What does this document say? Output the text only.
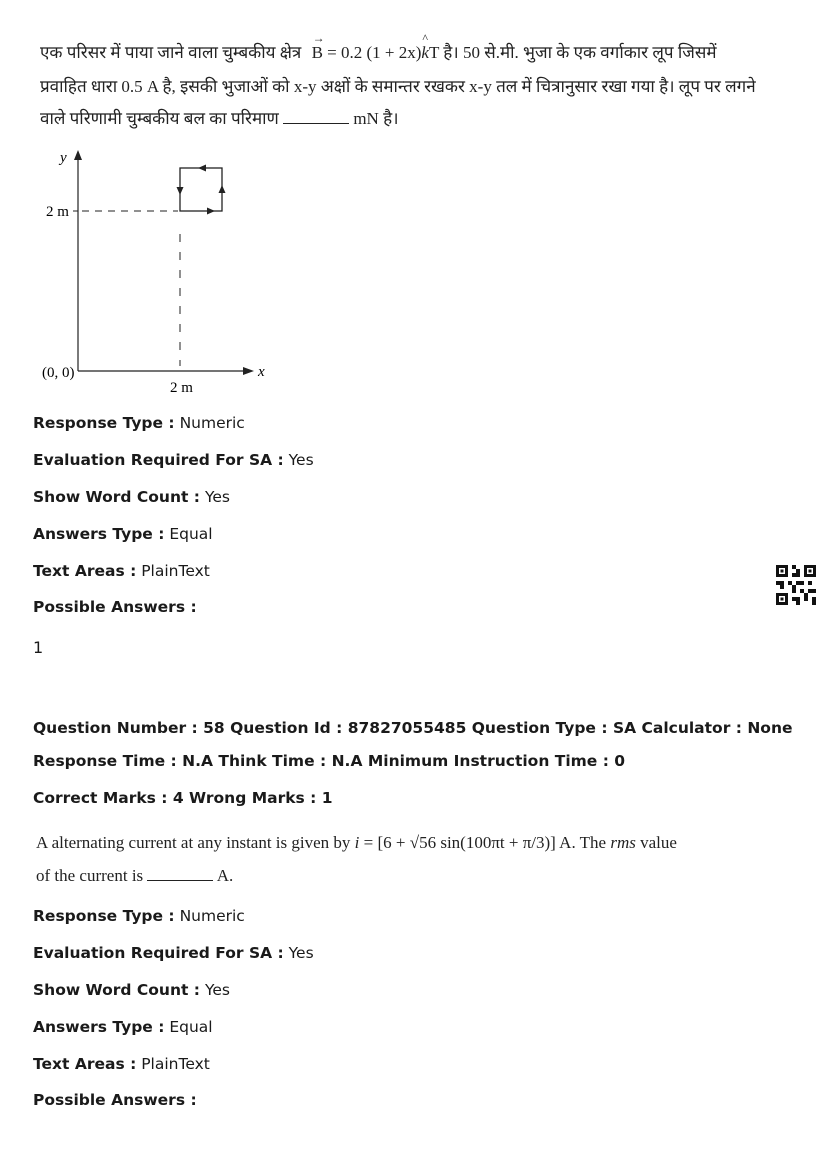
एक परिसर में पाया जाने वाला चुम्बकीय क्षेत्र
→
B = 0.2 (1 + 2x)
^
kT है। 50 से.मी. भुजा के एक वर्गाकार लूप जिसमें
प्रवाहित धारा 0.5 A है, इसकी भुजाओं को x-y अक्षों के समान्तर रखकर x-y तल में चित्रानुसार रखा गया है। लूप पर लगने
वाले परिणामी चुम्बकीय बल का परिमाण	mN है।
y
x
(0, 0)
2 m
2 m
Response Type : Numeric
Evaluation Required For SA : Yes
Show Word Count : Yes
Answers Type : Equal
Text Areas : PlainText
Possible Answers :
1
Question Number : 58 Question Id : 87827055485 Question Type : SA Calculator : None
Response Time : N.A Think Time : N.A Minimum Instruction Time : 0
Correct Marks : 4 Wrong Marks : 1
A alternating current at any instant is given by i = [6 + √56 sin(100πt + π/3)] A. The rms value
of the current is	A.
Response Type : Numeric
Evaluation Required For SA : Yes
Show Word Count : Yes
Answers Type : Equal
Text Areas : PlainText
Possible Answers :
